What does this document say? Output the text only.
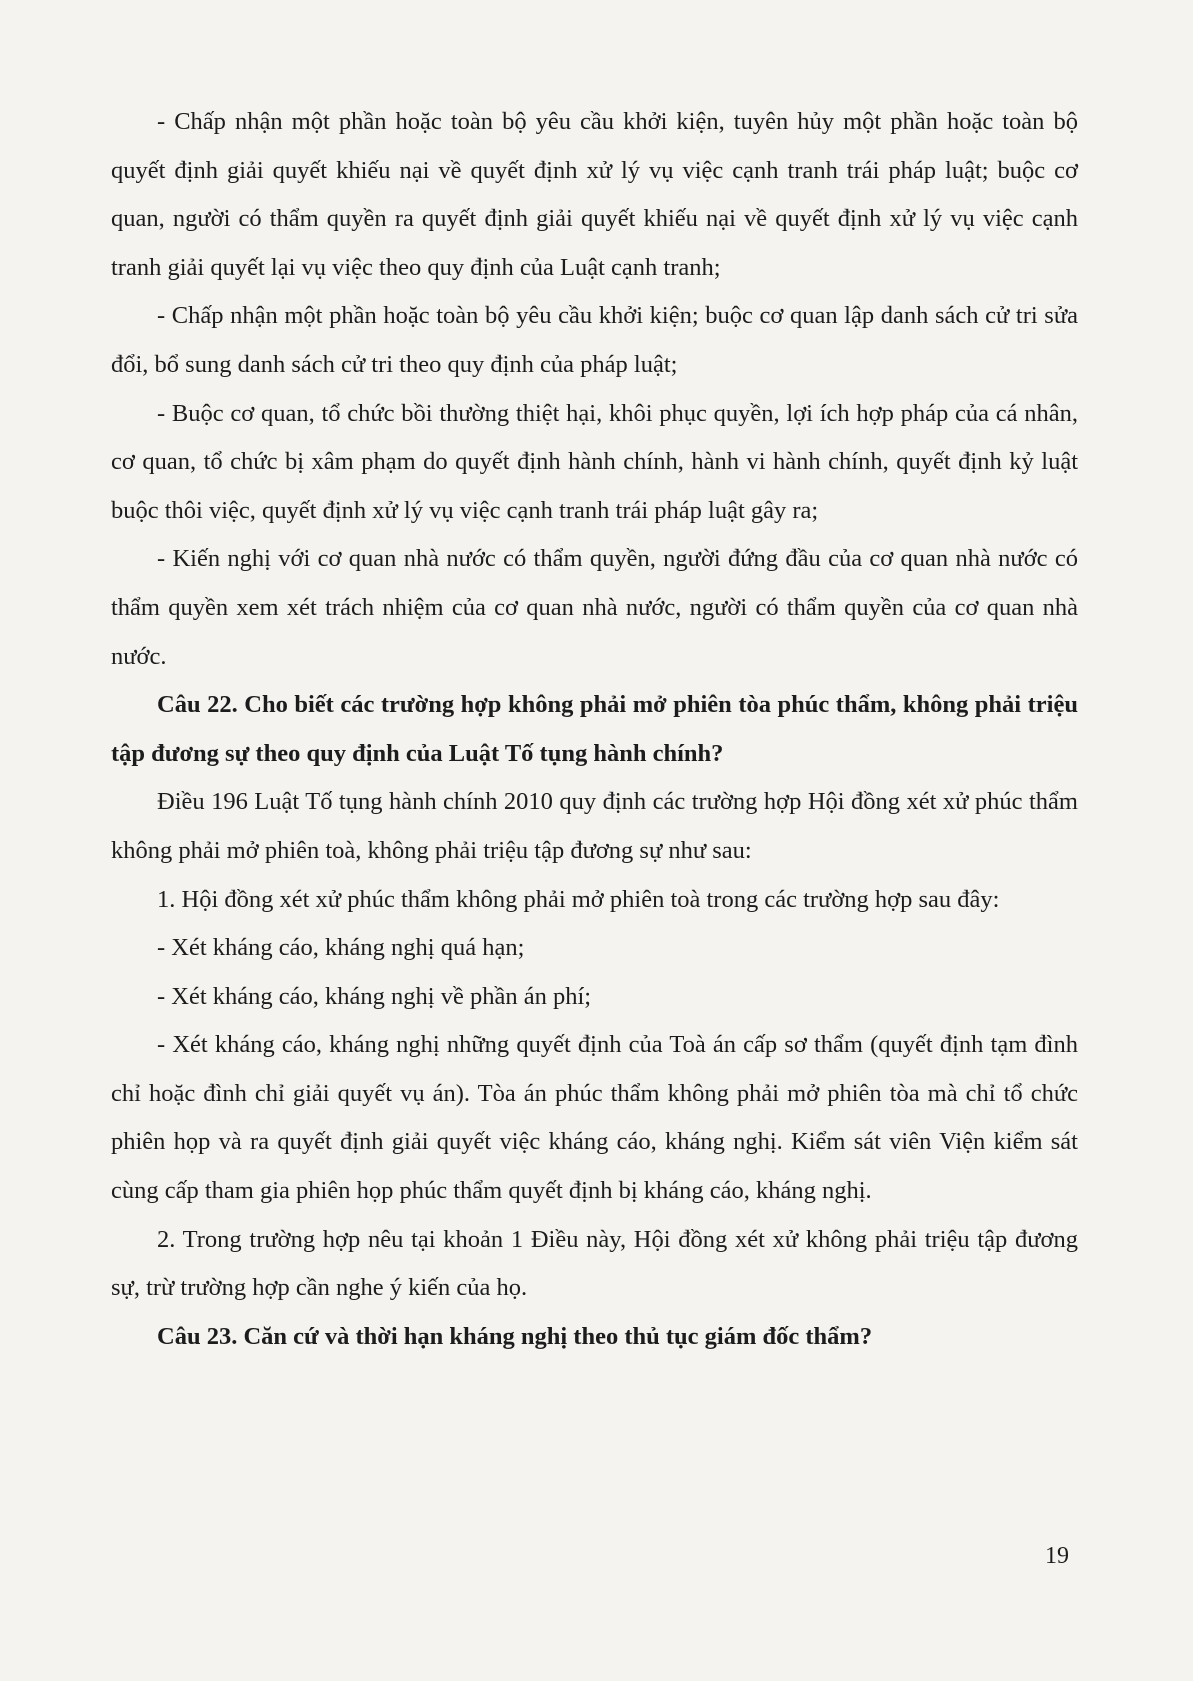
- Chấp nhận một phần hoặc toàn bộ yêu cầu khởi kiện, tuyên hủy một phần hoặc toàn bộ quyết định giải quyết khiếu nại về quyết định xử lý vụ việc cạnh tranh trái pháp luật; buộc cơ quan, người có thẩm quyền ra quyết định giải quyết khiếu nại về quyết định xử lý vụ việc cạnh tranh giải quyết lại vụ việc theo quy định của Luật cạnh tranh;

- Chấp nhận một phần hoặc toàn bộ yêu cầu khởi kiện; buộc cơ quan lập danh sách cử tri sửa đổi, bổ sung danh sách cử tri theo quy định của pháp luật;

- Buộc cơ quan, tổ chức bồi thường thiệt hại, khôi phục quyền, lợi ích hợp pháp của cá nhân, cơ quan, tổ chức bị xâm phạm do quyết định hành chính, hành vi hành chính, quyết định kỷ luật buộc thôi việc, quyết định xử lý vụ việc cạnh tranh trái pháp luật gây ra;

- Kiến nghị với cơ quan nhà nước có thẩm quyền, người đứng đầu của cơ quan nhà nước có thẩm quyền xem xét trách nhiệm của cơ quan nhà nước, người có thẩm quyền của cơ quan nhà nước.

Câu 22. Cho biết các trường hợp không phải mở phiên tòa phúc thẩm, không phải triệu tập đương sự theo quy định của Luật Tố tụng hành chính?

Điều 196 Luật Tố tụng hành chính 2010 quy định các trường hợp Hội đồng xét xử phúc thẩm không phải mở phiên toà, không phải triệu tập đương sự như sau:

1. Hội đồng xét xử phúc thẩm không phải mở phiên toà trong các trường hợp sau đây:

- Xét kháng cáo, kháng nghị quá hạn;

- Xét kháng cáo, kháng nghị về phần án phí;

- Xét kháng cáo, kháng nghị những quyết định của Toà án cấp sơ thẩm (quyết định tạm đình chỉ hoặc đình chỉ giải quyết vụ án). Tòa án phúc thẩm không phải mở phiên tòa mà chỉ tổ chức phiên họp và ra quyết định giải quyết việc kháng cáo, kháng nghị. Kiểm sát viên Viện kiểm sát cùng cấp tham gia phiên họp phúc thẩm quyết định bị kháng cáo, kháng nghị.

2. Trong trường hợp nêu tại khoản 1 Điều này, Hội đồng xét xử không phải triệu tập đương sự, trừ trường hợp cần nghe ý kiến của họ.

Câu 23. Căn cứ và thời hạn kháng nghị theo thủ tục giám đốc thẩm?

19
